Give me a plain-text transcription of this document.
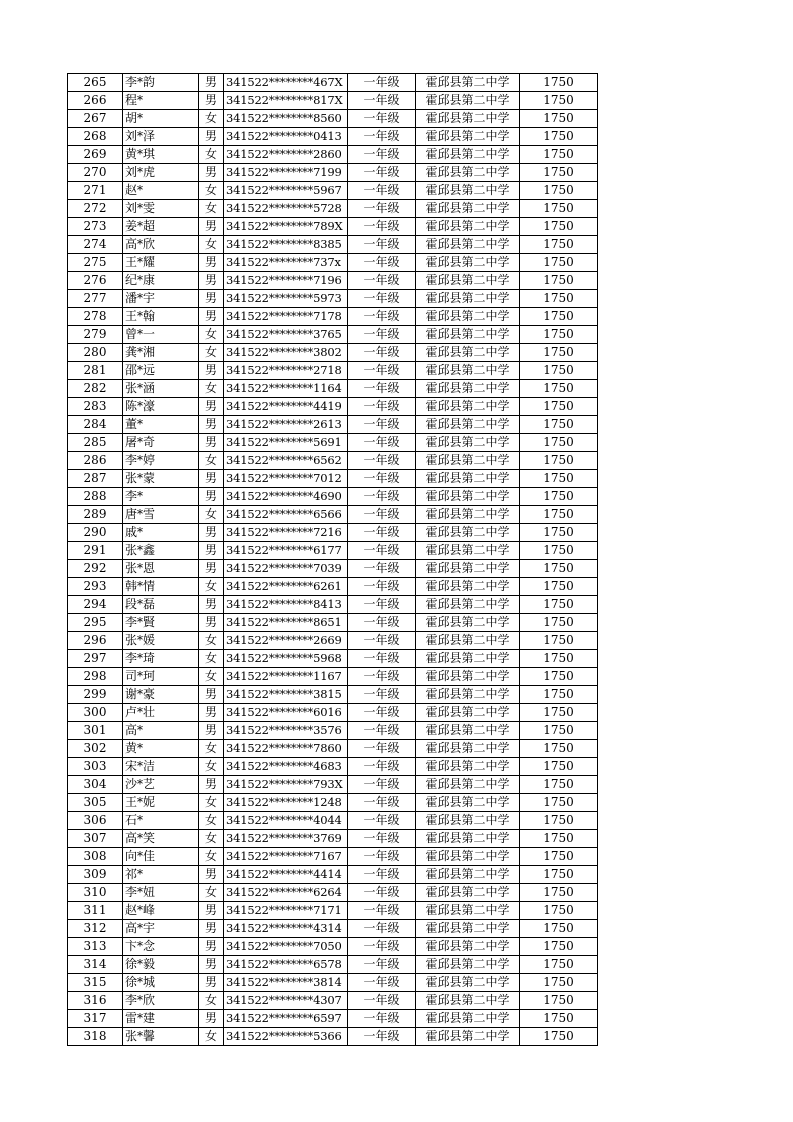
265	李*韵	男	341522********467X	一年级	霍邱县第二中学	1750
266	程*	男	341522********817X	一年级	霍邱县第二中学	1750
267	胡*	女	341522********8560	一年级	霍邱县第二中学	1750
268	刘*泽	男	341522********0413	一年级	霍邱县第二中学	1750
269	黄*琪	女	341522********2860	一年级	霍邱县第二中学	1750
270	刘*虎	男	341522********7199	一年级	霍邱县第二中学	1750
271	赵*	女	341522********5967	一年级	霍邱县第二中学	1750
272	刘*雯	女	341522********5728	一年级	霍邱县第二中学	1750
273	姜*超	男	341522********789X	一年级	霍邱县第二中学	1750
274	高*欣	女	341522********8385	一年级	霍邱县第二中学	1750
275	王*耀	男	341522********737x	一年级	霍邱县第二中学	1750
276	纪*康	男	341522********7196	一年级	霍邱县第二中学	1750
277	潘*宇	男	341522********5973	一年级	霍邱县第二中学	1750
278	王*翰	男	341522********7178	一年级	霍邱县第二中学	1750
279	曾*一	女	341522********3765	一年级	霍邱县第二中学	1750
280	龚*湘	女	341522********3802	一年级	霍邱县第二中学	1750
281	邵*远	男	341522********2718	一年级	霍邱县第二中学	1750
282	张*涵	女	341522********1164	一年级	霍邱县第二中学	1750
283	陈*濠	男	341522********4419	一年级	霍邱县第二中学	1750
284	董*	男	341522********2613	一年级	霍邱县第二中学	1750
285	屠*奇	男	341522********5691	一年级	霍邱县第二中学	1750
286	李*婷	女	341522********6562	一年级	霍邱县第二中学	1750
287	张*蒙	男	341522********7012	一年级	霍邱县第二中学	1750
288	李*	男	341522********4690	一年级	霍邱县第二中学	1750
289	唐*雪	女	341522********6566	一年级	霍邱县第二中学	1750
290	戚*	男	341522********7216	一年级	霍邱县第二中学	1750
291	张*鑫	男	341522********6177	一年级	霍邱县第二中学	1750
292	张*恩	男	341522********7039	一年级	霍邱县第二中学	1750
293	韩*情	女	341522********6261	一年级	霍邱县第二中学	1750
294	段*磊	男	341522********8413	一年级	霍邱县第二中学	1750
295	李*賢	男	341522********8651	一年级	霍邱县第二中学	1750
296	张*媛	女	341522********2669	一年级	霍邱县第二中学	1750
297	李*琦	女	341522********5968	一年级	霍邱县第二中学	1750
298	司*珂	女	341522********1167	一年级	霍邱县第二中学	1750
299	谢*豪	男	341522********3815	一年级	霍邱县第二中学	1750
300	卢*壮	男	341522********6016	一年级	霍邱县第二中学	1750
301	高*	男	341522********3576	一年级	霍邱县第二中学	1750
302	黄*	女	341522********7860	一年级	霍邱县第二中学	1750
303	宋*洁	女	341522********4683	一年级	霍邱县第二中学	1750
304	沙*艺	男	341522********793X	一年级	霍邱县第二中学	1750
305	王*妮	女	341522********1248	一年级	霍邱县第二中学	1750
306	石*	女	341522********4044	一年级	霍邱县第二中学	1750
307	高*笑	女	341522********3769	一年级	霍邱县第二中学	1750
308	向*佳	女	341522********7167	一年级	霍邱县第二中学	1750
309	祁*	男	341522********4414	一年级	霍邱县第二中学	1750
310	李*妞	女	341522********6264	一年级	霍邱县第二中学	1750
311	赵*峰	男	341522********7171	一年级	霍邱县第二中学	1750
312	高*宇	男	341522********4314	一年级	霍邱县第二中学	1750
313	卞*念	男	341522********7050	一年级	霍邱县第二中学	1750
314	徐*毅	男	341522********6578	一年级	霍邱县第二中学	1750
315	徐*城	男	341522********3814	一年级	霍邱县第二中学	1750
316	李*欣	女	341522********4307	一年级	霍邱县第二中学	1750
317	雷*建	男	341522********6597	一年级	霍邱县第二中学	1750
318	张*馨	女	341522********5366	一年级	霍邱县第二中学	1750
